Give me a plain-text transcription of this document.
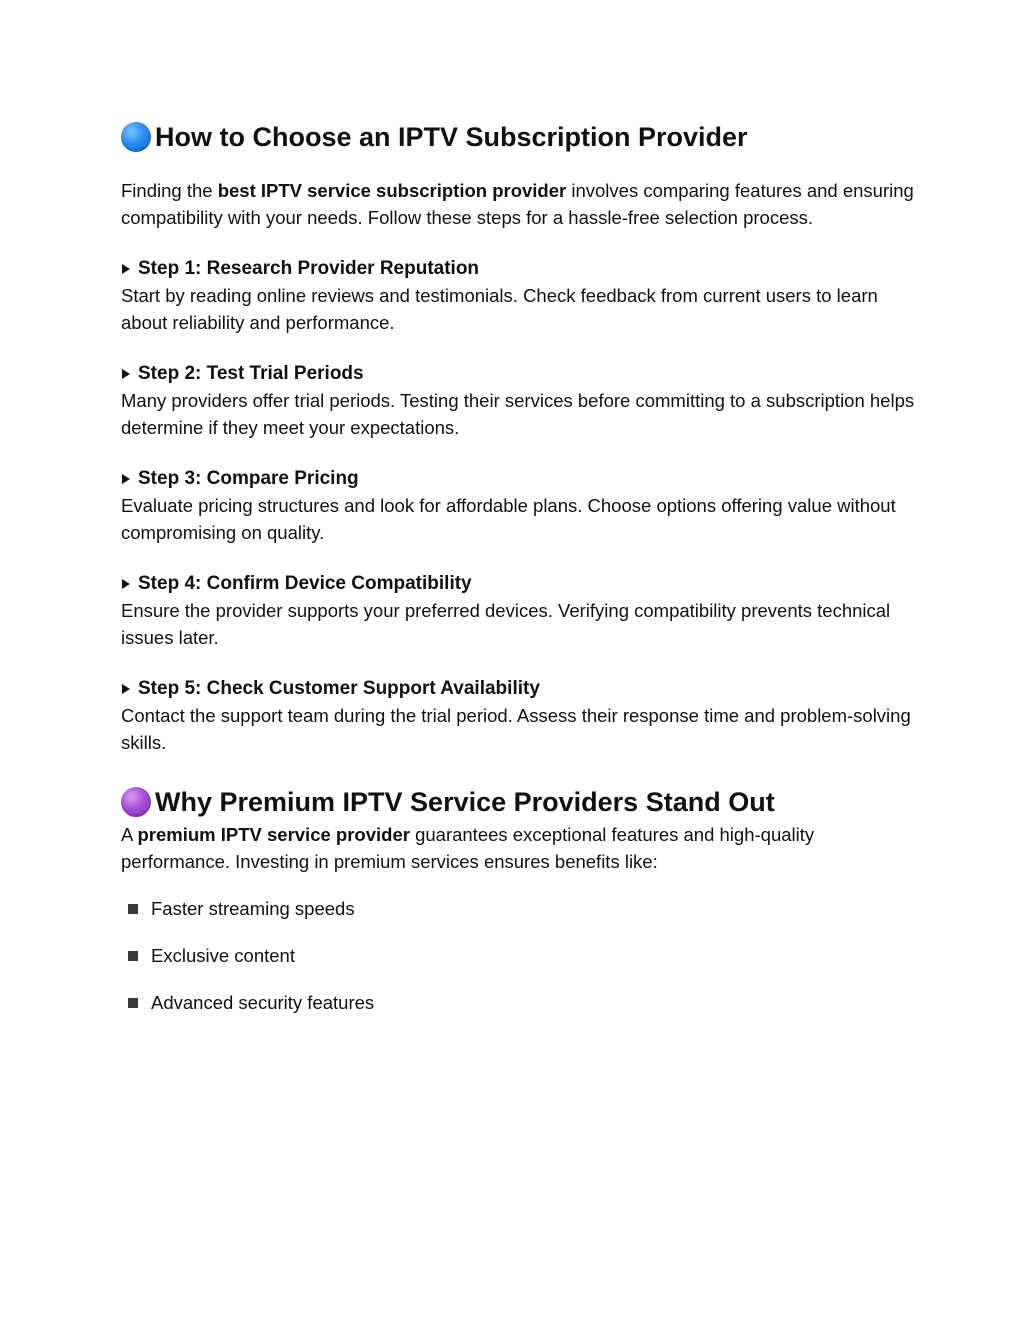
How to Choose an IPTV Subscription Provider

Finding the best IPTV service subscription provider involves comparing features and ensuring compatibility with your needs. Follow these steps for a hassle-free selection process.

Step 1: Research Provider Reputation

Start by reading online reviews and testimonials. Check feedback from current users to learn about reliability and performance.

Step 2: Test Trial Periods

Many providers offer trial periods. Testing their services before committing to a subscription helps determine if they meet your expectations.

Step 3: Compare Pricing

Evaluate pricing structures and look for affordable plans. Choose options offering value without compromising on quality.

Step 4: Confirm Device Compatibility

Ensure the provider supports your preferred devices. Verifying compatibility prevents technical issues later.

Step 5: Check Customer Support Availability

Contact the support team during the trial period. Assess their response time and problem-solving skills.

Why Premium IPTV Service Providers Stand Out

A premium IPTV service provider guarantees exceptional features and high-quality performance. Investing in premium services ensures benefits like:

Faster streaming speeds
Exclusive content
Advanced security features
